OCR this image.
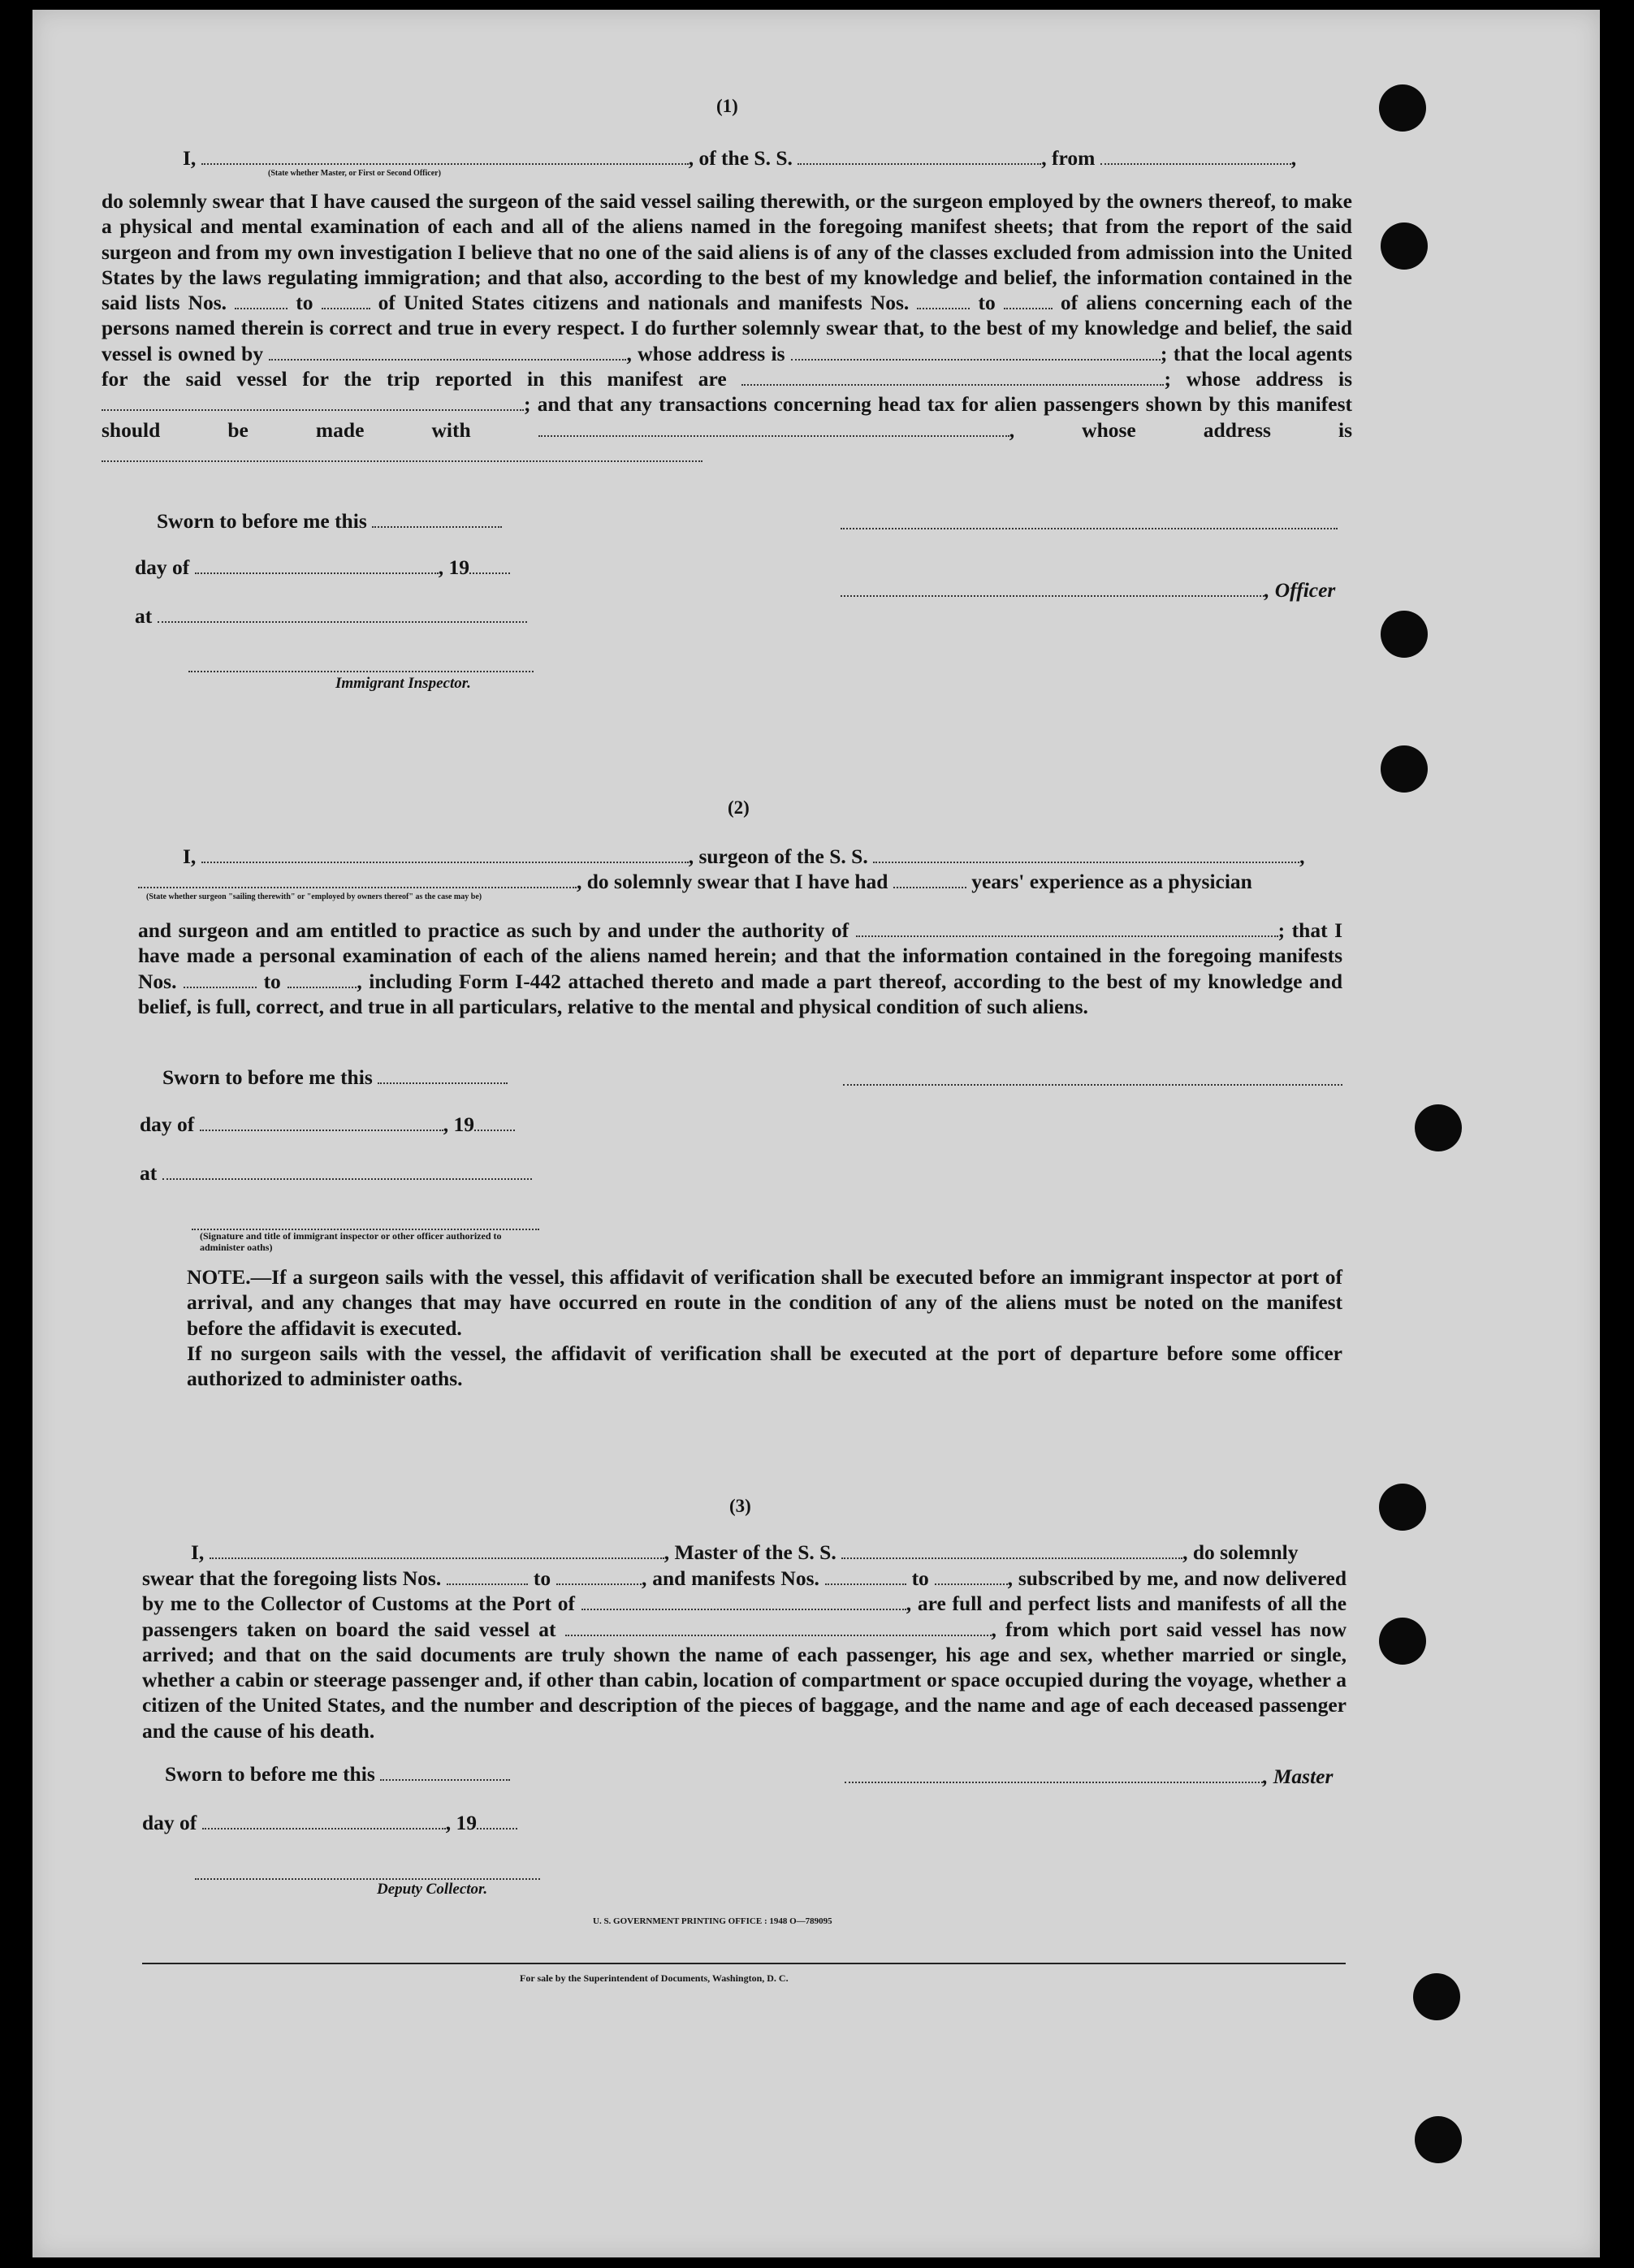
(1)
I,	, of the S. S.	, from	,
(State whether Master, or First or Second Officer)

do solemnly swear that I have caused the surgeon of the said vessel sailing therewith, or the surgeon employed by the owners thereof, to make a physical and mental examination of each and all of the aliens named in the foregoing manifest sheets; that from the report of the said surgeon and from my own investigation I believe that no one of the said aliens is of any of the classes excluded from admission into the United States by the laws regulating immigration; and that also, according to the best of my knowledge and belief, the information contained in the said lists Nos.	to	of United States citizens and nationals and manifests Nos.	to	of aliens concerning each of the persons named therein is correct and true in every respect. I do further solemnly swear that, to the best of my knowledge and belief, the said vessel is owned by	, whose address is	; that the local agents for the said vessel for the trip reported in this manifest are	; whose address is ; and that any transactions concerning head tax for alien passengers shown by this manifest should be made with	, whose address is

Sworn to before me this
day of	, 19
, Officer
at
Immigrant Inspector.
(2)
I,	, surgeon of the S. S.	,
, do solemnly swear that I have had	years' experience as a physician
(State whether surgeon "sailing therewith" or "employed by owners thereof" as the case may be)

and surgeon and am entitled to practice as such by and under the authority of	; that I have made a personal examination of each of the aliens named herein; and that the information contained in the foregoing manifests Nos.	to	, including Form I-442 attached thereto and made a part thereof, according to the best of my knowledge and belief, is full, correct, and true in all particulars, relative to the mental and physical condition of such aliens.

Sworn to before me this
day of	, 19
at
(Signature and title of immigrant inspector or other officer authorized to administer oaths)

NOTE.—If a surgeon sails with the vessel, this affidavit of verification shall be executed before an immigrant inspector at port of arrival, and any changes that may have occurred en route in the condition of any of the aliens must be noted on the manifest before the affidavit is executed.

If no surgeon sails with the vessel, the affidavit of verification shall be executed at the port of departure before some officer authorized to administer oaths.

(3)
I,	, Master of the S. S.	, do solemnly

swear that the foregoing lists Nos.	to	, and manifests Nos.	to	, subscribed by me, and now delivered by me to the Collector of Customs at the Port of	, are full and perfect lists and manifests of all the passengers taken on board the said vessel at	, from which port said vessel has now arrived; and that on the said documents are truly shown the name of each passenger, his age and sex, whether married or single, whether a cabin or steerage passenger and, if other than cabin, location of compartment or space occupied during the voyage, whether a citizen of the United States, and the number and description of the pieces of baggage, and the name and age of each deceased passenger and the cause of his death.

Sworn to before me this	, Master
day of	, 19
Deputy Collector.
U. S. GOVERNMENT PRINTING OFFICE : 1948 O—789095
For sale by the Superintendent of Documents, Washington, D. C.
